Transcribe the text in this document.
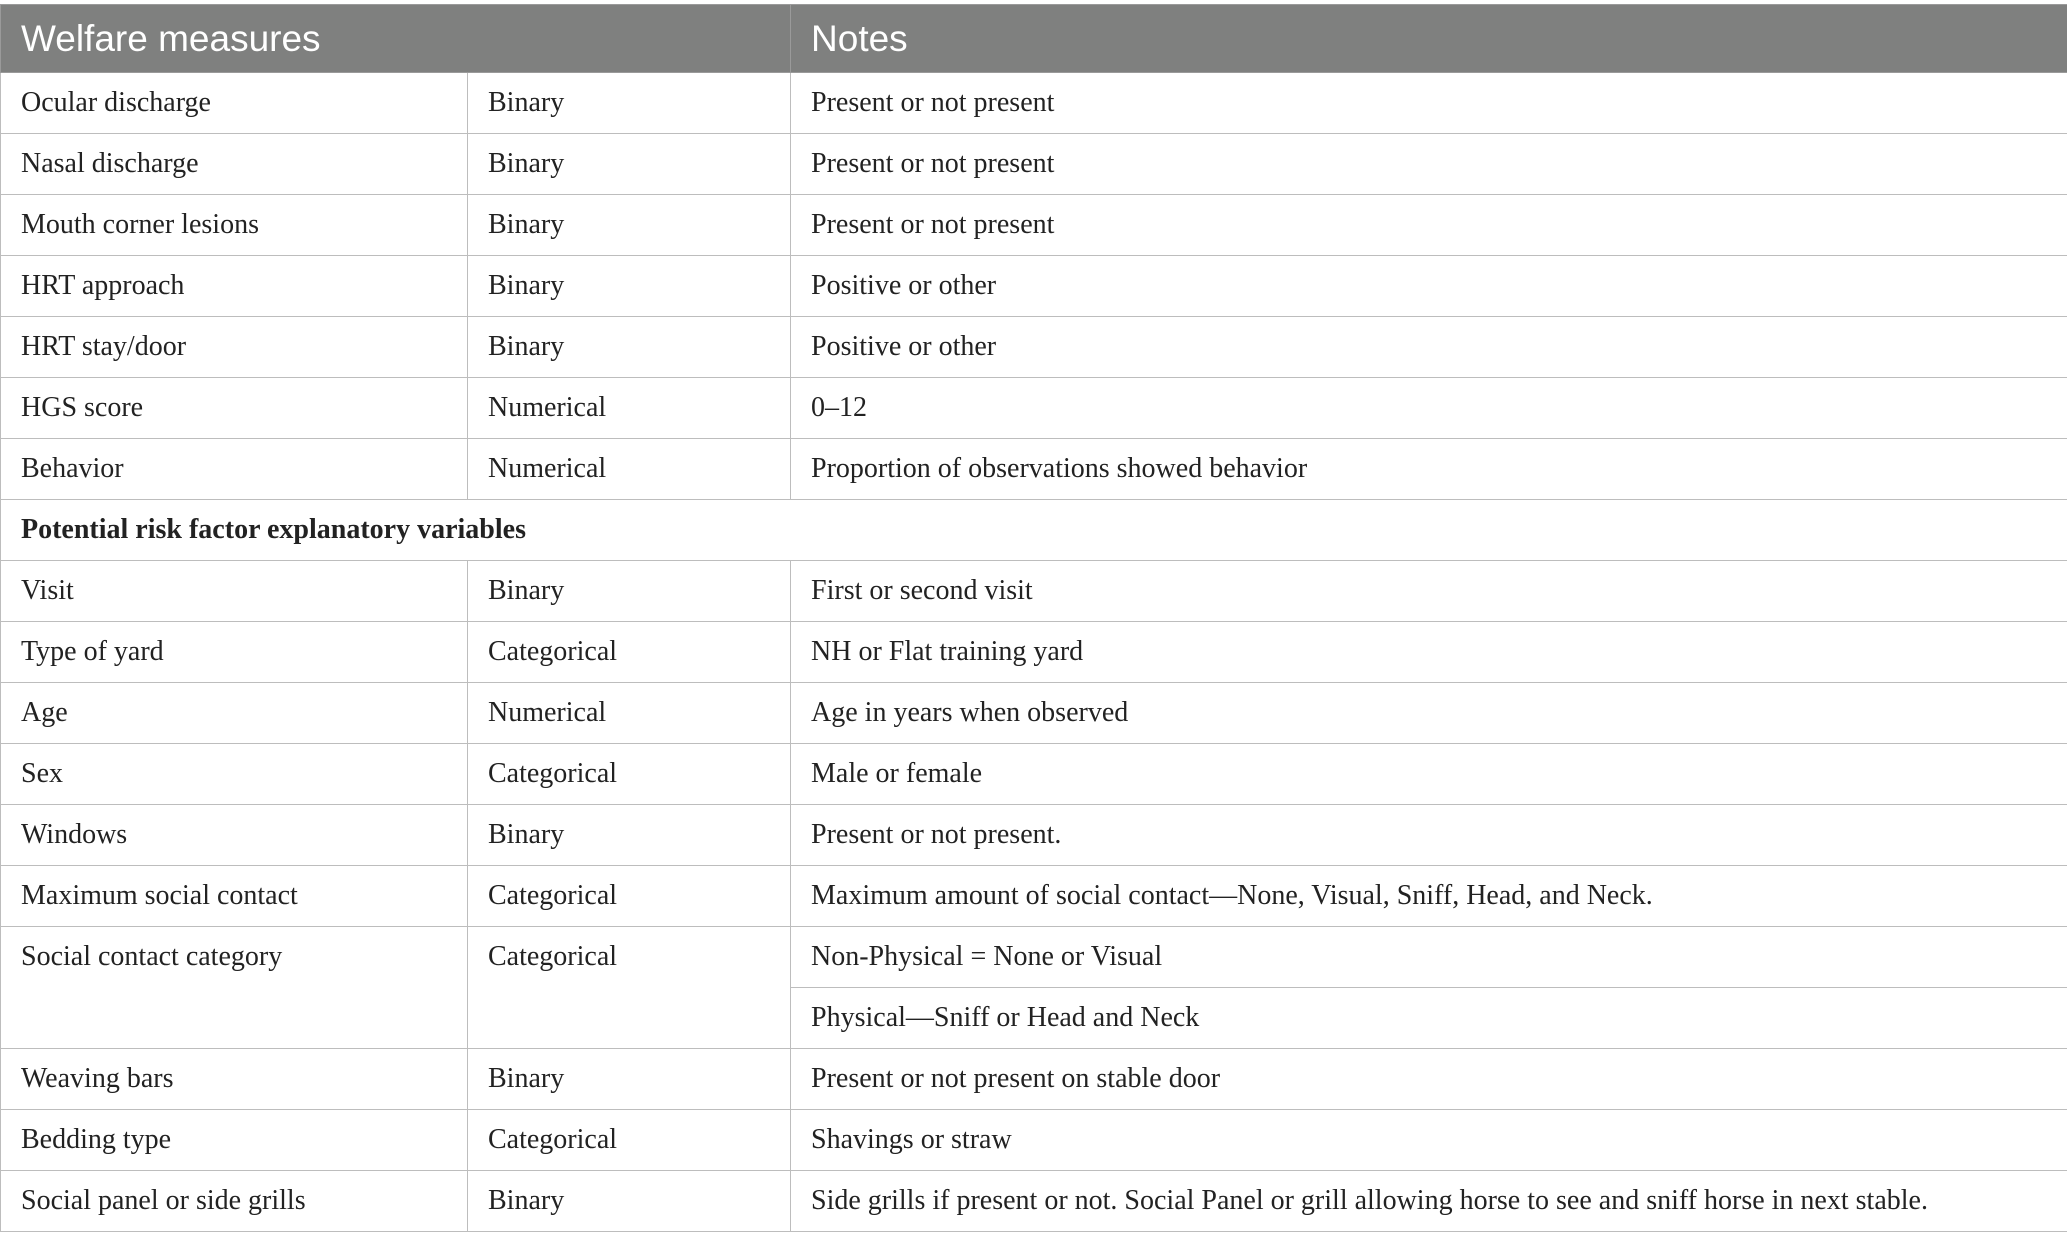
Welfare measures		Notes
Ocular discharge	Binary	Present or not present
Nasal discharge	Binary	Present or not present
Mouth corner lesions	Binary	Present or not present
HRT approach	Binary	Positive or other
HRT stay/door	Binary	Positive or other
HGS score	Numerical	0–12
Behavior	Numerical	Proportion of observations showed behavior
Potential risk factor explanatory variables		
Visit	Binary	First or second visit
Type of yard	Categorical	NH or Flat training yard
Age	Numerical	Age in years when observed
Sex	Categorical	Male or female
Windows	Binary	Present or not present.
Maximum social contact	Categorical	Maximum amount of social contact—None, Visual, Sniff, Head, and Neck.
Social contact category	Categorical	Non-Physical = None or Visual
		Physical—Sniff or Head and Neck
Weaving bars	Binary	Present or not present on stable door
Bedding type	Categorical	Shavings or straw
Social panel or side grills	Binary	Side grills if present or not. Social Panel or grill allowing horse to see and sniff horse in next stable.
